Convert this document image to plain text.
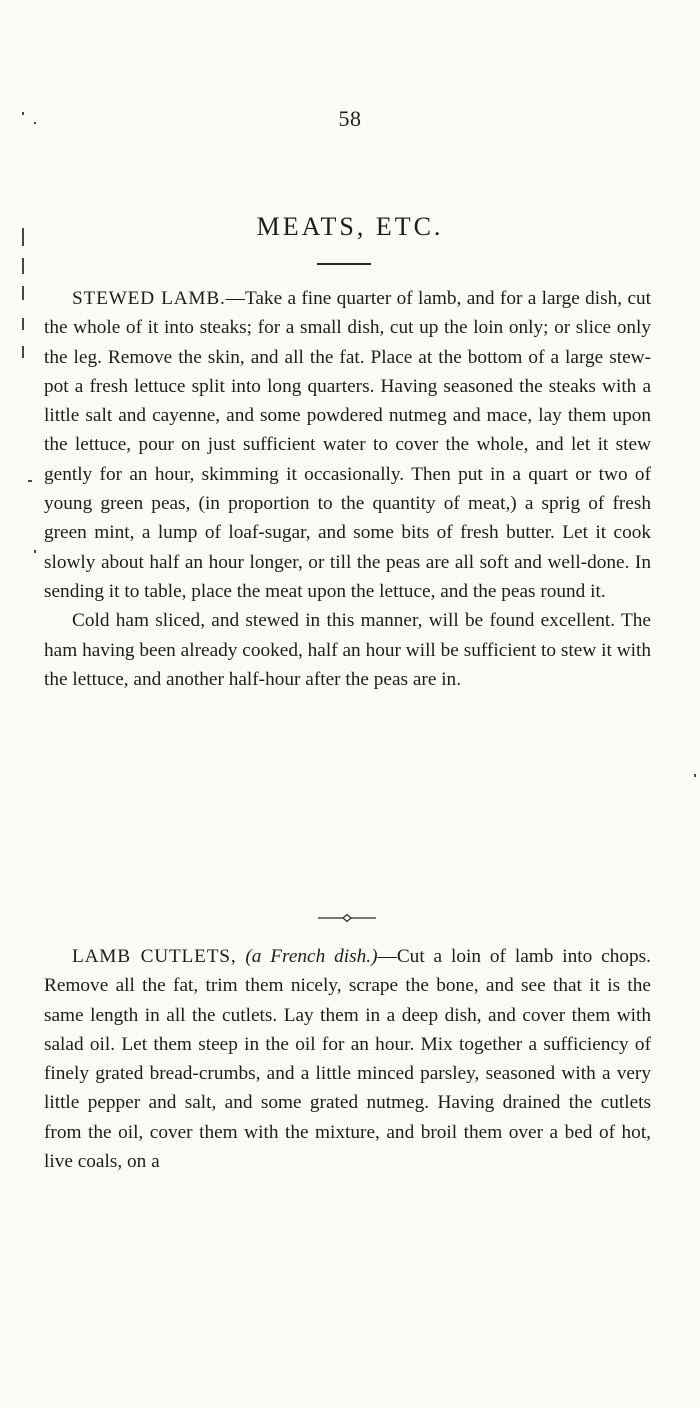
58
MEATS, ETC.

STEWED LAMB.—Take a fine quarter of lamb, and for a large dish, cut the whole of it into steaks; for a small dish, cut up the loin only; or slice only the leg. Remove the skin, and all the fat. Place at the bottom of a large stew-pot a fresh lettuce split into long quarters. Having seasoned the steaks with a little salt and cayenne, and some powdered nutmeg and mace, lay them upon the lettuce, pour on just sufficient water to cover the whole, and let it stew gently for an hour, skimming it occasionally. Then put in a quart or two of young green peas, (in proportion to the quantity of meat,) a sprig of fresh green mint, a lump of loaf-sugar, and some bits of fresh butter. Let it cook slowly about half an hour longer, or till the peas are all soft and well-done. In sending it to table, place the meat upon the lettuce, and the peas round it.

Cold ham sliced, and stewed in this manner, will be found excellent. The ham having been already cooked, half an hour will be sufficient to stew it with the lettuce, and another half-hour after the peas are in.

LAMB CUTLETS, (a French dish.)—Cut a loin of lamb into chops. Remove all the fat, trim them nicely, scrape the bone, and see that it is the same length in all the cutlets. Lay them in a deep dish, and cover them with salad oil. Let them steep in the oil for an hour. Mix together a sufficiency of finely grated bread-crumbs, and a little minced parsley, seasoned with a very little pepper and salt, and some grated nutmeg. Having drained the cutlets from the oil, cover them with the mixture, and broil them over a bed of hot, live coals, on a
